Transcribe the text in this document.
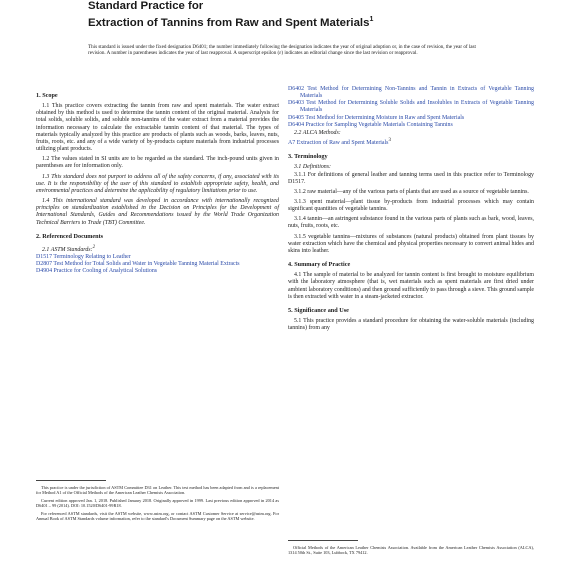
Standard Practice for

Extraction of Tannins from Raw and Spent Materials$^1$

This standard is issued under the fixed designation D6401; the number immediately following the designation indicates the year of original adoption or, in the case of revision, the year of last revision. A number in parentheses indicates the year of last reapproval. A superscript epsilon (ε) indicates an editorial change since the last revision or reapproval.
1. Scope

1.1 This practice covers extracting the tannin from raw and spent materials. The water extract obtained by this method is used to determine the tannin content of the original material. Analysis for total solids, soluble solids, and soluble non-tannins of the water extract from a material provides the information necessary to calculate the extractable tannin content of that material. The types of materials typically analyzed by this practice are products of plants such as woods, barks, leaves, nuts, fruits, roots, etc. and any of a wide variety of by-products capture materials from industrial processes utilizing plant products.

1.2 The values stated in SI units are to be regarded as the standard. The inch-pound units given in parentheses are for information only.

1.3 This standard does not purport to address all of the safety concerns, if any, associated with its use. It is the responsibility of the user of this standard to establish appropriate safety, health, and environmental practices and determine the applicability of regulatory limitations prior to use.

1.4 This international standard was developed in accordance with internationally recognized principles on standardization established in the Decision on Principles for the Development of International Standards, Guides and Recommendations issued by the World Trade Organization Technical Barriers to Trade (TBT) Committee.

2. Referenced Documents
2.1 ASTM Standards:$^2$
D1517 Terminology Relating to Leather
D2807 Test Method for Total Solids and Water in Vegetable Tanning Material Extracts
D4904 Practice for Cooling of Analytical Solutions

This practice is under the jurisdiction of ASTM Committee D31 on Leather. This test method has been adapted from and is a replacement for Method A1 of the Official Methods of the American Leather Chemists Association.

Current edition approved Jan. 1, 2018. Published January 2018. Originally approved in 1999. Last previous edition approved in 2014 as D6401 – 99 (2014). DOI: 10.1520/D6401-99R18.

For referenced ASTM standards, visit the ASTM website, www.astm.org, or contact ASTM Customer Service at service@astm.org. For Annual Book of ASTM Standards volume information, refer to the standard's Document Summary page on the ASTM website.

D6402 Test Method for Determining Non-Tannins and Tannin in Extracts of Vegetable Tanning Materials
D6403 Test Method for Determining Soluble Solids and Insolubles in Extracts of Vegetable Tanning Materials
D6405 Test Method for Determining Moisture in Raw and Spent Materials
D6404 Practice for Sampling Vegetable Materials Containing Tannins
2.2 ALCA Methods:
A7 Extraction of Raw and Spent Materials$^3$
3. Terminology
3.1 Definitions:

3.1.1 For definitions of general leather and tanning terms used in this practice refer to Terminology D1517.

3.1.2 raw material—any of the various parts of plants that are used as a source of vegetable tannins.

3.1.3 spent material—plant tissue by-products from industrial processes which may contain significant quantities of vegetable tannins.

3.1.4 tannin—an astringent substance found in the various parts of plants such as bark, wood, leaves, nuts, fruits, roots, etc.

3.1.5 vegetable tannins—mixtures of substances (natural products) obtained from plant tissues by water extraction which have the chemical and physical properties necessary to convert animal hides and skins into leather.

4. Summary of Practice

4.1 The sample of material to be analyzed for tannin content is first brought to moisture equilibrium with the laboratory atmosphere (that is, wet materials such as spent materials are first dried under ambient laboratory conditions) and then ground sufficiently to pass through a sieve. This ground sample is then extracted with water in a steam-jacketed extractor.

5. Significance and Use

5.1 This practice provides a standard procedure for obtaining the water-soluble materials (including tannins) from any

Official Methods of the American Leather Chemists Association. Available from the American Leather Chemists Association (ALCA), 1314 50th St., Suite 103, Lubbock, TX 79412.
